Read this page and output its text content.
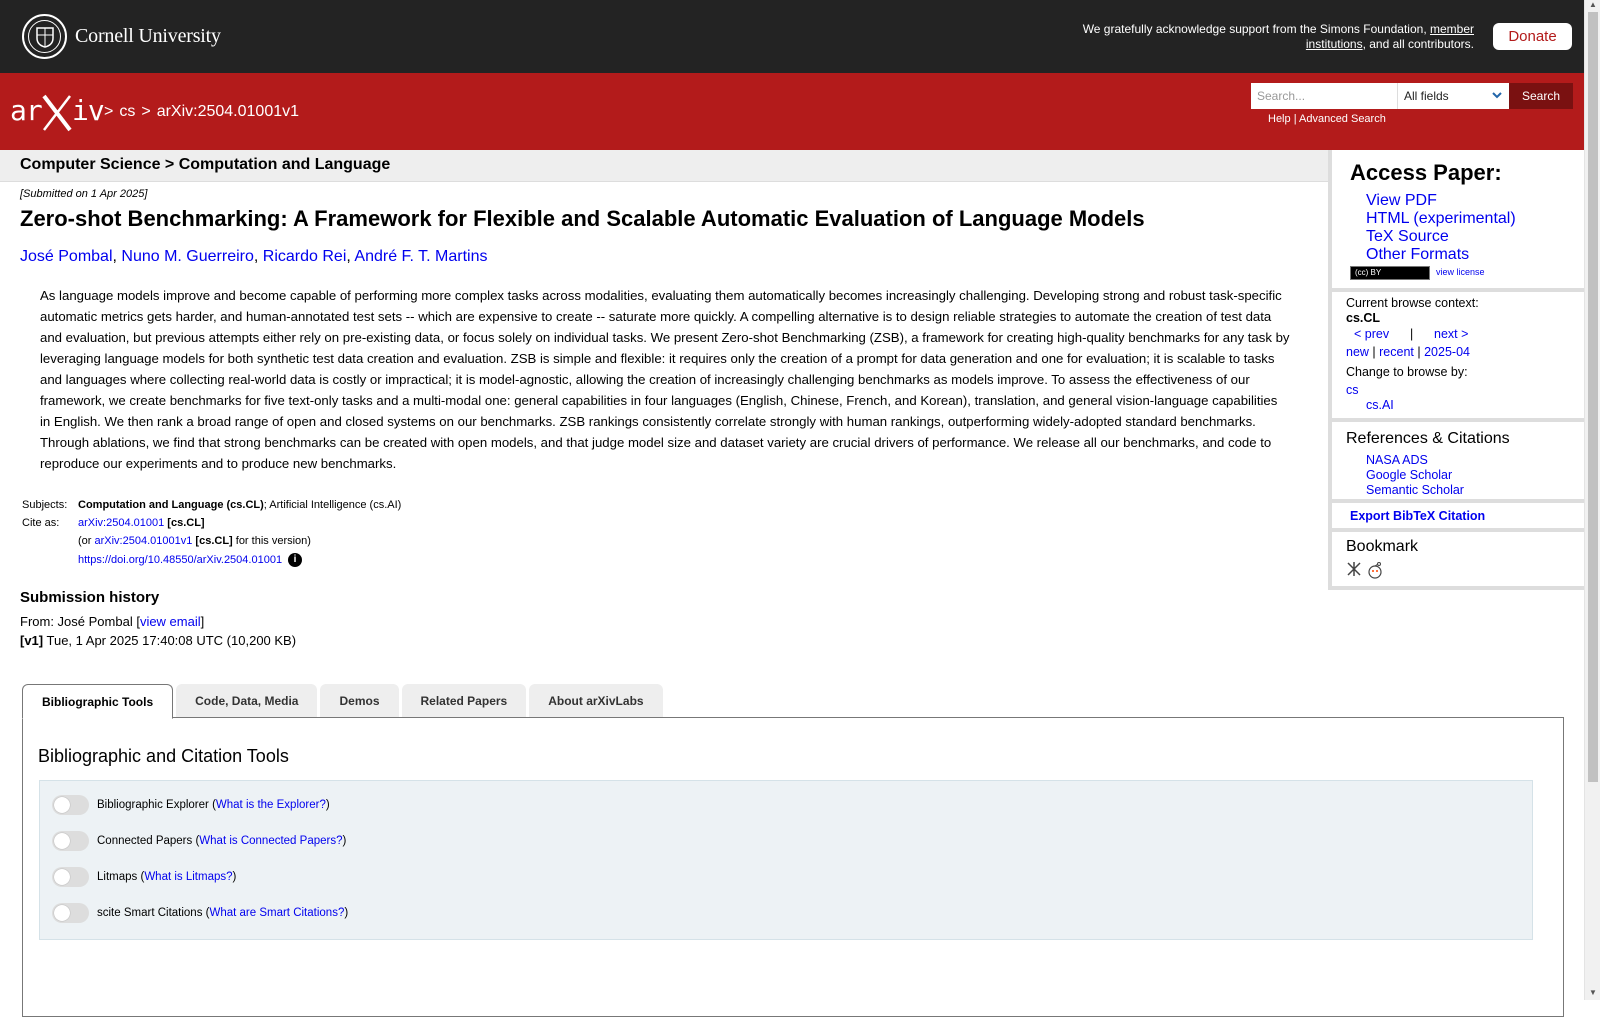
Cornell University	We gratefully acknowledge support from the Simons Foundation, member institutions, and all contributors.	Donate
ar iv > cs > arXiv:2504.01001v1
Search...	All fields	Search
Help | Advanced Search
Computer Science > Computation and Language
[Submitted on 1 Apr 2025]
Zero-shot Benchmarking: A Framework for Flexible and Scalable Automatic Evaluation of Language Models
José Pombal, Nuno M. Guerreiro, Ricardo Rei, André F. T. Martins

As language models improve and become capable of performing more complex tasks across modalities, evaluating them automatically becomes increasingly challenging. Developing strong and robust task-specific automatic metrics gets harder, and human-annotated test sets -- which are expensive to create -- saturate more quickly. A compelling alternative is to design reliable strategies to automate the creation of test data and evaluation, but previous attempts either rely on pre-existing data, or focus solely on individual tasks. We present Zero-shot Benchmarking (ZSB), a framework for creating high-quality benchmarks for any task by leveraging language models for both synthetic test data creation and evaluation. ZSB is simple and flexible: it requires only the creation of a prompt for data generation and one for evaluation; it is scalable to tasks and languages where collecting real-world data is costly or impractical; it is model-agnostic, allowing the creation of increasingly challenging benchmarks as models improve. To assess the effectiveness of our framework, we create benchmarks for five text-only tasks and a multi-modal one: general capabilities in four languages (English, Chinese, French, and Korean), translation, and general vision-language capabilities in English. We then rank a broad range of open and closed systems on our benchmarks. ZSB rankings consistently correlate strongly with human rankings, outperforming widely-adopted standard benchmarks. Through ablations, we find that strong benchmarks can be created with open models, and that judge model size and dataset variety are crucial drivers of performance. We release all our benchmarks, and code to reproduce our experiments and to produce new benchmarks.

Subjects:	Computation and Language (cs.CL); Artificial Intelligence (cs.AI)
Cite as:	arXiv:2504.01001 [cs.CL]
	(or arXiv:2504.01001v1 [cs.CL] for this version)
	https://doi.org/10.48550/arXiv.2504.01001 i
Submission history
From: José Pombal [view email]
[v1] Tue, 1 Apr 2025 17:40:08 UTC (10,200 KB)
Bibliographic Tools	Code, Data, Media	Demos	Related Papers	About arXivLabs
Bibliographic and Citation Tools
Bibliographic Explorer ( What is the Explorer? )
Connected Papers ( What is Connected Papers? )
Litmaps ( What is Litmaps? )
scite Smart Citations ( What are Smart Citations? )
Access Paper:
View PDF
HTML (experimental)
TeX Source
Other Formats
(cc) BY	view license
Current browse context:
cs.CL
< prev | next >
new | recent | 2025-04
Change to browse by:
cs
cs.AI
References & Citations
NASA ADS
Google Scholar
Semantic Scholar
Export BibTeX Citation
Bookmark
▲
▼
